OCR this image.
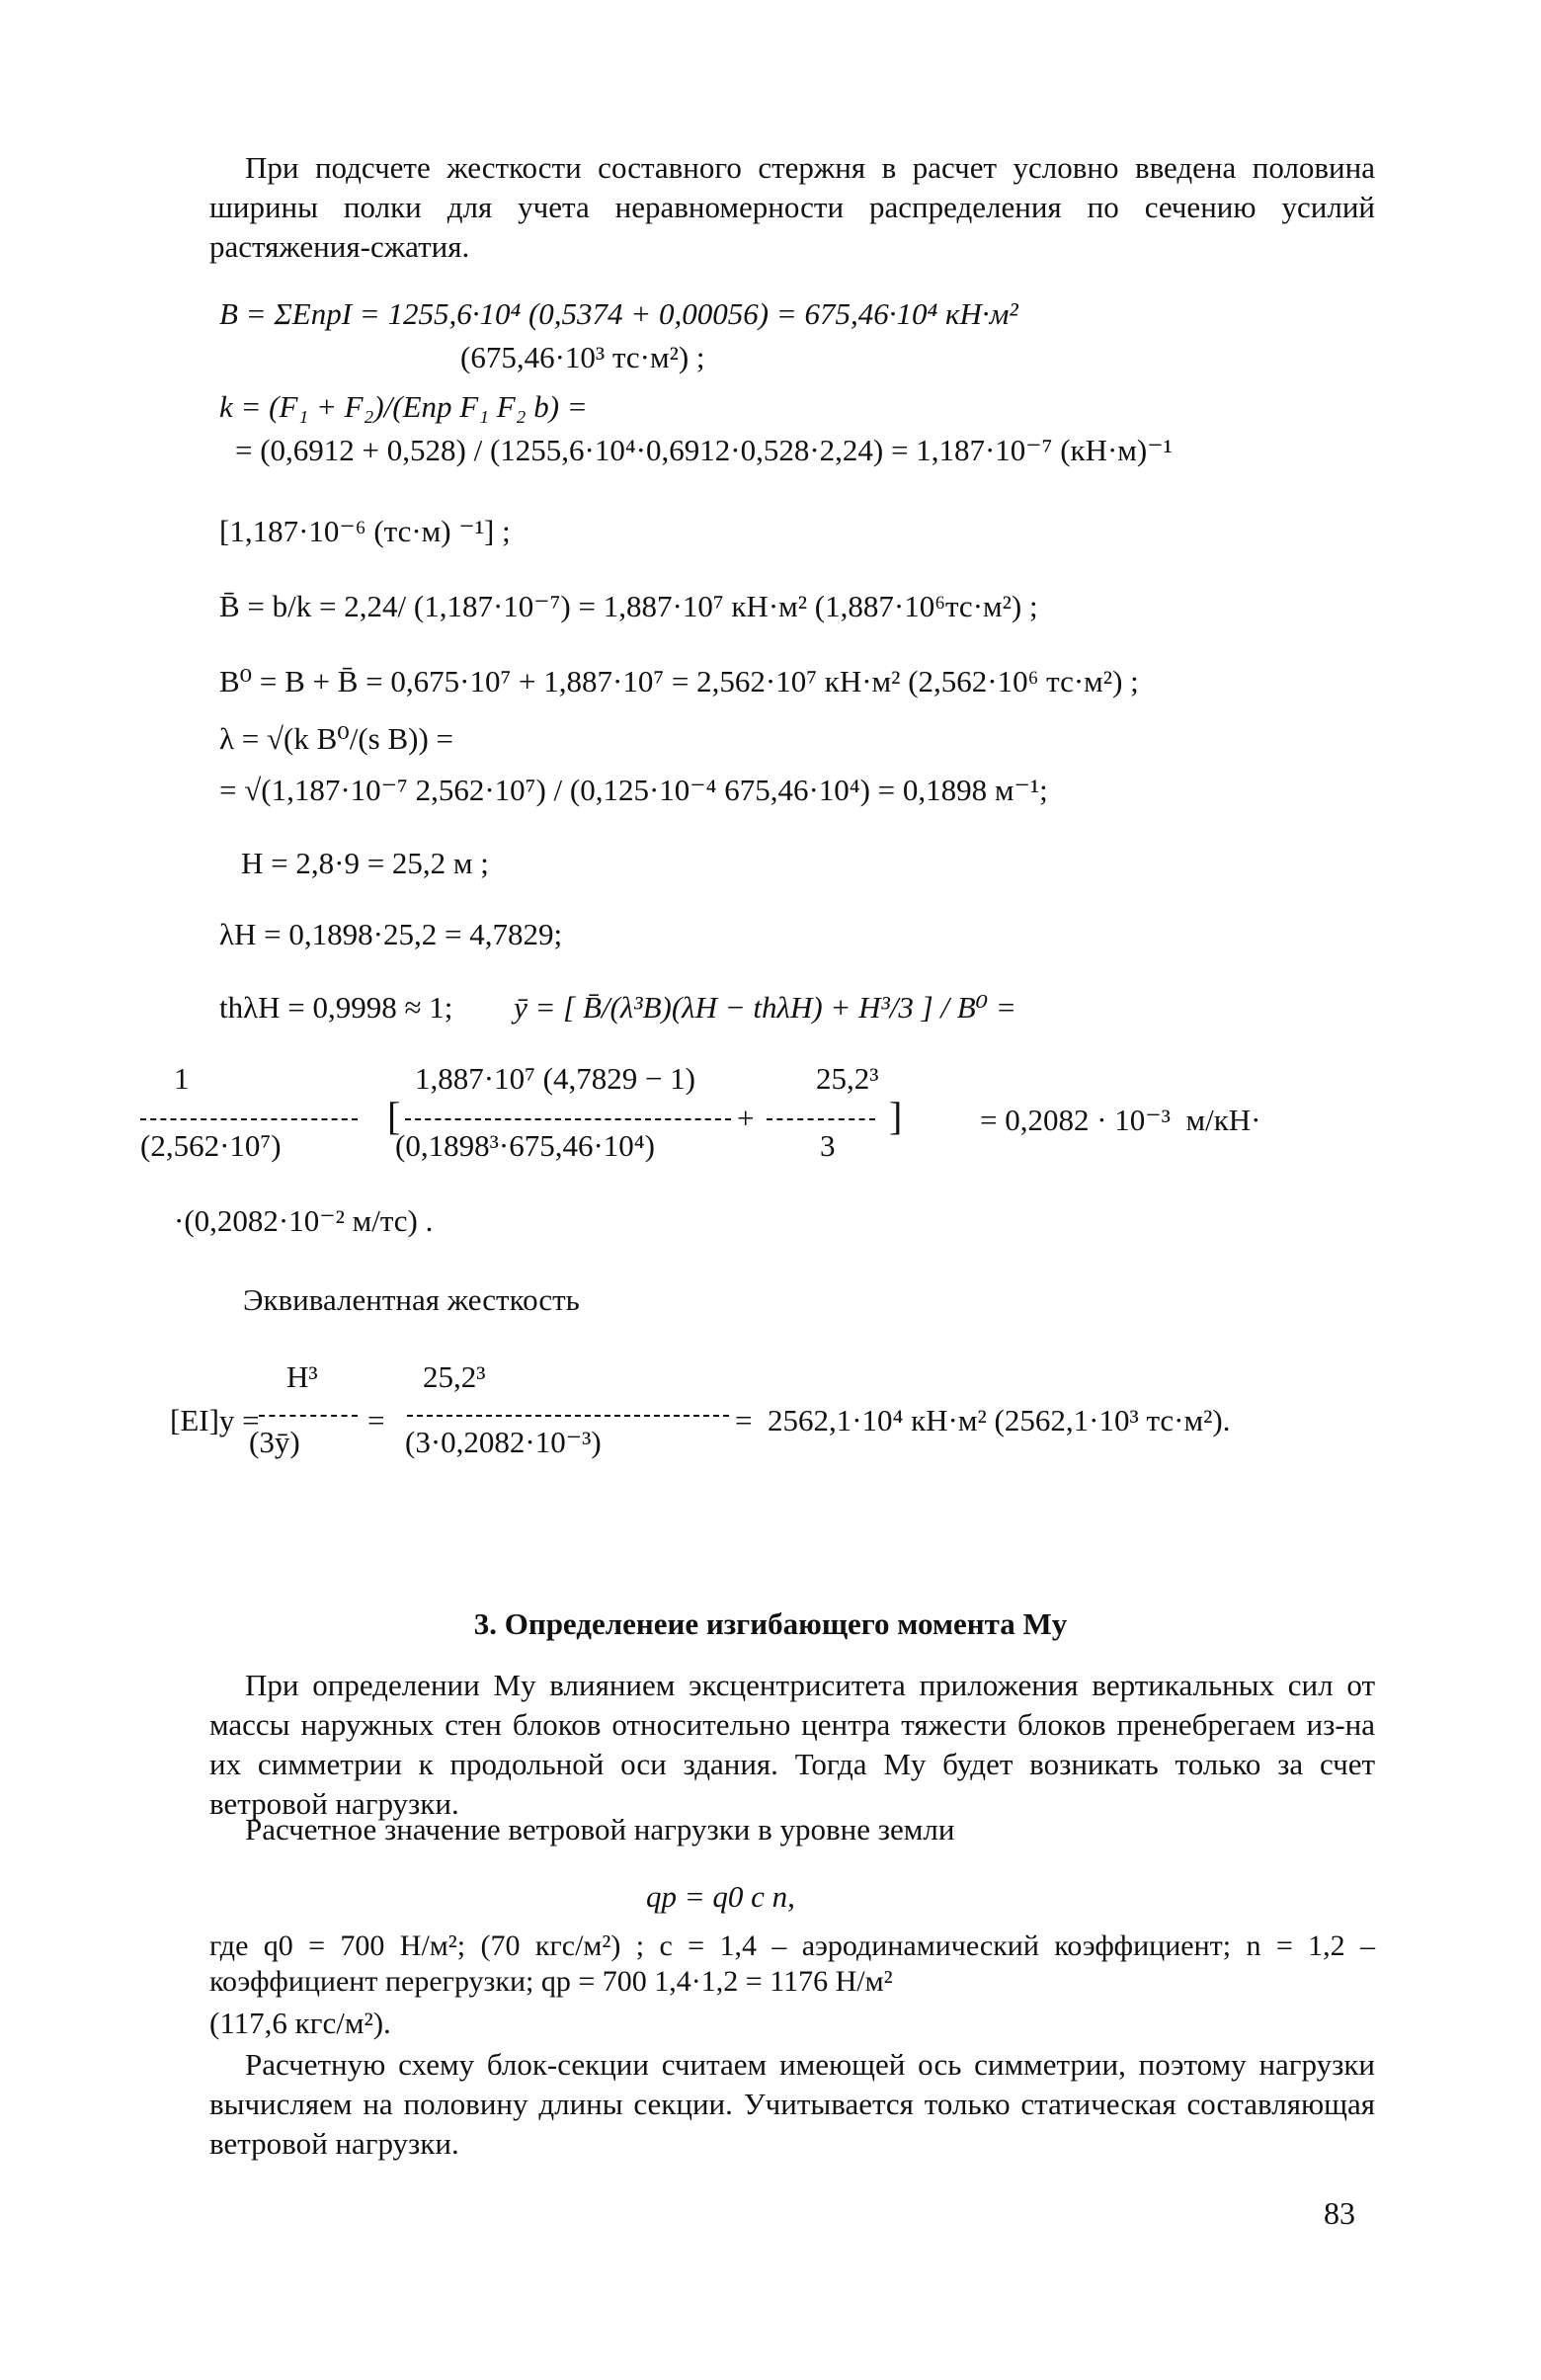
При подсчете жесткости составного стержня в расчет условно введена половина ширины полки для учета неравномерности распределения по сечению усилий растяжения-сжатия.
B = ΣEпрI = 1255,6·10⁴ (0,5374 + 0,00056) = 675,46·10⁴ кН·м²
(675,46·10³ тс·м²) ;
k = (F₁ + F₂)/(Eпр F₁ F₂ b) =
= (0,6912 + 0,528) / (1255,6·10⁴·0,6912·0,528·2,24) = 1,187·10⁻⁷ (кН·м)⁻¹
[1,187·10⁻⁶ (тс·м) ⁻¹] ;
B̄ = b/k = 2,24/ (1,187·10⁻⁷) = 1,887·10⁷ кН·м² (1,887·10⁶тс·м²) ;
B⁰ = B + B̄ = 0,675·10⁷ + 1,887·10⁷ = 2,562·10⁷ кН·м² (2,562·10⁶ тс·м²) ;
λ = √(k B⁰/(s B)) =
= √(1,187·10⁻⁷ 2,562·10⁷) / (0,125·10⁻⁴ 675,46·10⁴) = 0,1898 м⁻¹;
H = 2,8·9 = 25,2 м ;
λH = 0,1898·25,2 = 4,7829;
thλH = 0,9998 ≈ 1; ȳ = [ B̄/(λ³B)(λH − thλH) + H³/3 ] / B⁰ =
1
(2,562·10⁷)
[
1,887·10⁷ (4,7829 − 1)
(0,1898³·675,46·10⁴)
+
25,2³
3
]	= 0,2082 · 10⁻³  м/кН·
·(0,2082·10⁻² м/тс) .
Эквивалентная жесткость
[EI]y =
H³
(3ȳ)
=
25,2³
(3·0,2082·10⁻³)
=  2562,1·10⁴ кН·м² (2562,1·10³ тс·м²).
3. Определенеие изгибающего момента My
При определении My влиянием эксцентриситета приложения вертикальных сил от массы наружных стен блоков относительно центра тяжести блоков пренебрегаем из-на их симметрии к продольной оси здания. Тогда My будет возникать только за счет ветровой нагрузки.
Расчетное значение ветровой нагрузки в уровне земли
qp = q0 c n,
где q0 = 700 Н/м²; (70 кгс/м²) ; c = 1,4 – аэродинамический коэффициент; n = 1,2 – коэффициент перегрузки; qp = 700 1,4·1,2 = 1176 Н/м²
(117,6 кгс/м²).
Расчетную схему блок-секции считаем имеющей ось симметрии, поэтому нагрузки вычисляем на половину длины секции. Учитывается только статическая составляющая ветровой нагрузки.
83
